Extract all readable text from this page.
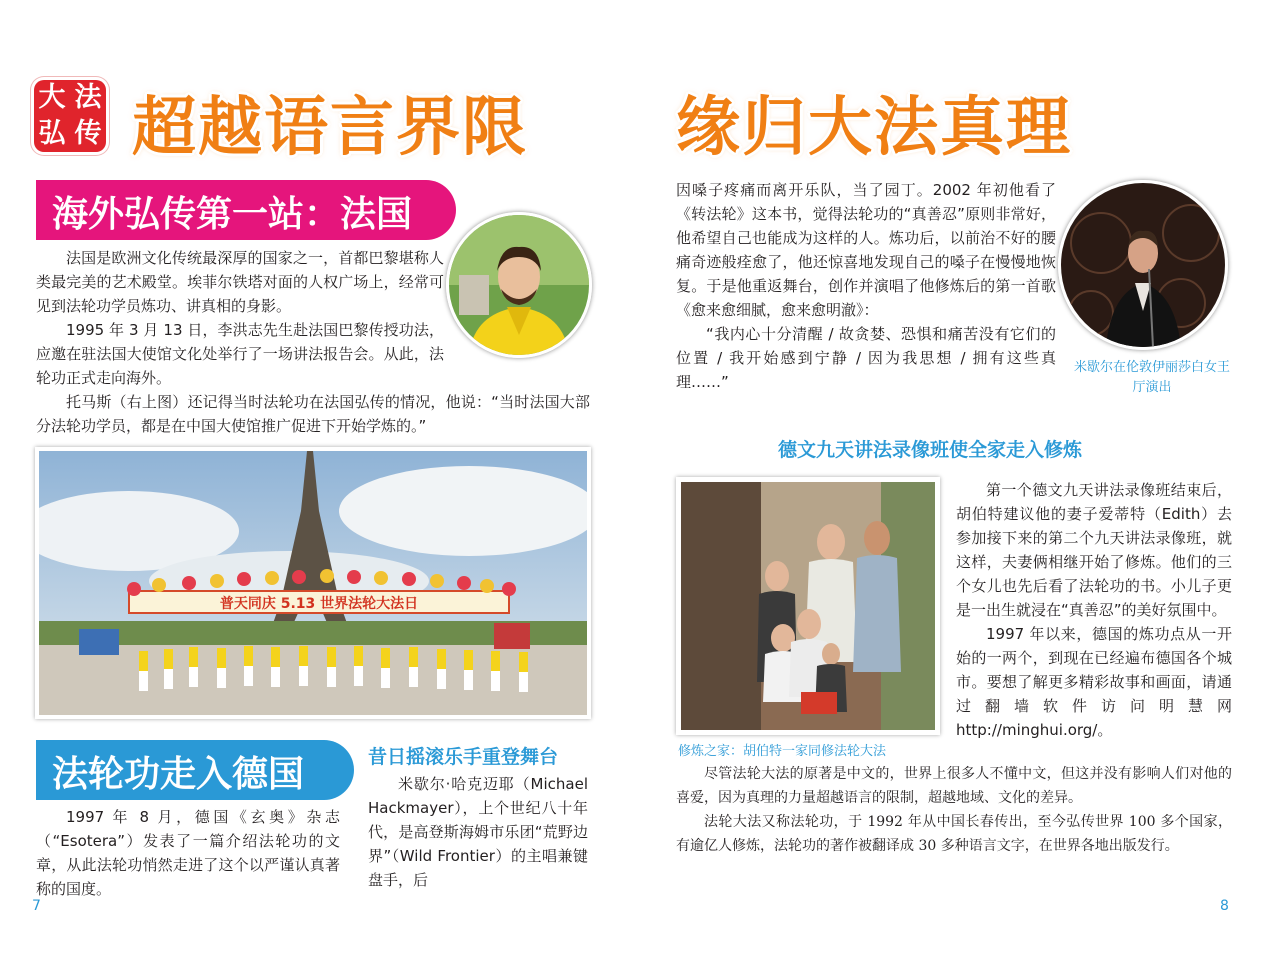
大 法
弘 传 超越语言界限 缘归大法真理
海外弘传第一站：法国

法国是欧洲文化传统最深厚的国家之一，首都巴黎堪称人类最完美的艺术殿堂。埃菲尔铁塔对面的人权广场上，经常可见到法轮功学员炼功、讲真相的身影。

1995 年 3 月 13 日，李洪志先生赴法国巴黎传授功法，应邀在驻法国大使馆文化处举行了一场讲法报告会。从此，法轮功正式走向海外。

托马斯（右上图）还记得当时法轮功在法国弘传的情况，他说：“当时法国大部分法轮功学员，都是在中国大使馆推广促进下开始学炼的。”

普天同庆 5.13 世界法轮大法日
法轮功走入德国

1997 年 8 月，德国《玄奥》杂志（“Esotera”）发表了一篇介绍法轮功的文章，从此法轮功悄然走进了这个以严谨认真著称的国度。

昔日摇滚乐手重登舞台

米歇尔·哈克迈耶（Michael Hackmayer），上个世纪八十年代，是高登斯海姆市乐团“荒野边界”（Wild Frontier）的主唱兼键盘手，后

因嗓子疼痛而离开乐队，当了园丁。2002 年初他看了《转法轮》这本书，觉得法轮功的“真善忍”原则非常好，他希望自己也能成为这样的人。炼功后，以前治不好的腰痛奇迹般痊愈了，他还惊喜地发现自己的嗓子在慢慢地恢复。于是他重返舞台，创作并演唱了他修炼后的第一首歌《愈来愈细腻，愈来愈明澈》：

“我内心十分清醒 / 故贪婪、恐惧和痛苦没有它们的位置 / 我开始感到宁静 / 因为我思想 / 拥有这些真理……”

米歇尔在伦敦伊丽莎白女王厅演出
德文九天讲法录像班使全家走入修炼
修炼之家：胡伯特一家同修法轮大法

第一个德文九天讲法录像班结束后，胡伯特建议他的妻子爱蒂特（Edith）去参加接下来的第二个九天讲法录像班，就这样，夫妻俩相继开始了修炼。他们的三个女儿也先后看了法轮功的书。小儿子更是一出生就浸在“真善忍”的美好氛围中。

1997 年以来，德国的炼功点从一开始的一两个，到现在已经遍布德国各个城市。要想了解更多精彩故事和画面，请通过翻墙软件访问明慧网 http://minghui.org/。

尽管法轮大法的原著是中文的，世界上很多人不懂中文，但这并没有影响人们对他的喜爱，因为真理的力量超越语言的限制，超越地域、文化的差异。

法轮大法又称法轮功，于 1992 年从中国长春传出，至今弘传世界 100 多个国家，有逾亿人修炼，法轮功的著作被翻译成 30 多种语言文字，在世界各地出版发行。

7	8
